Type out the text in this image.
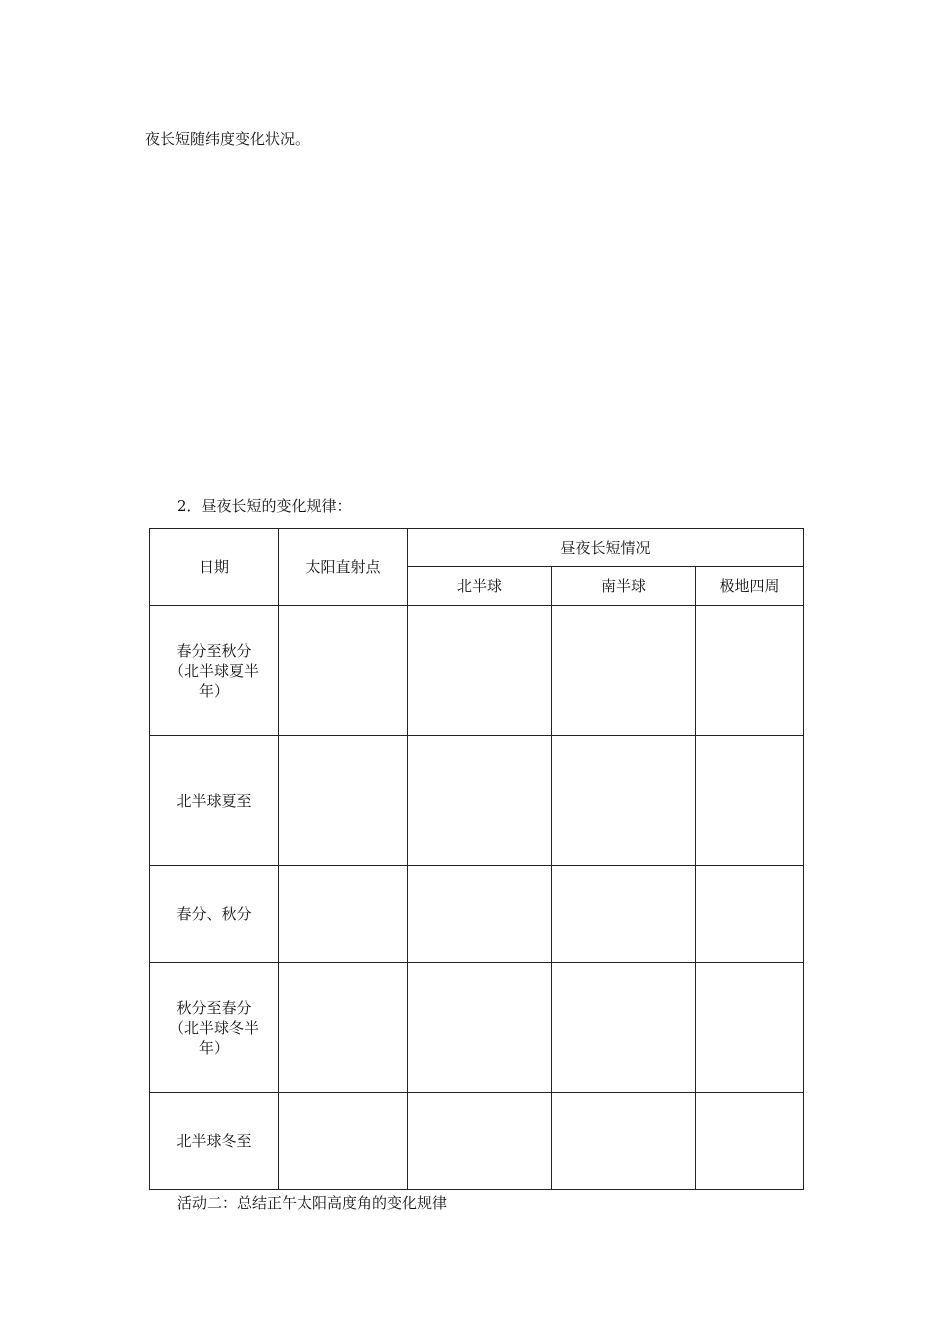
夜长短随纬度变化状况。
2．昼夜长短的变化规律：
日期	太阳直射点	昼夜长短情况		
		北半球	南半球	极地四周

春分至秋分
（北半球夏半
年）				

北半球夏至				

春分、秋分				

秋分至春分
（北半球冬半
年）				

北半球冬至				

活动二：总结正午太阳高度角的变化规律
